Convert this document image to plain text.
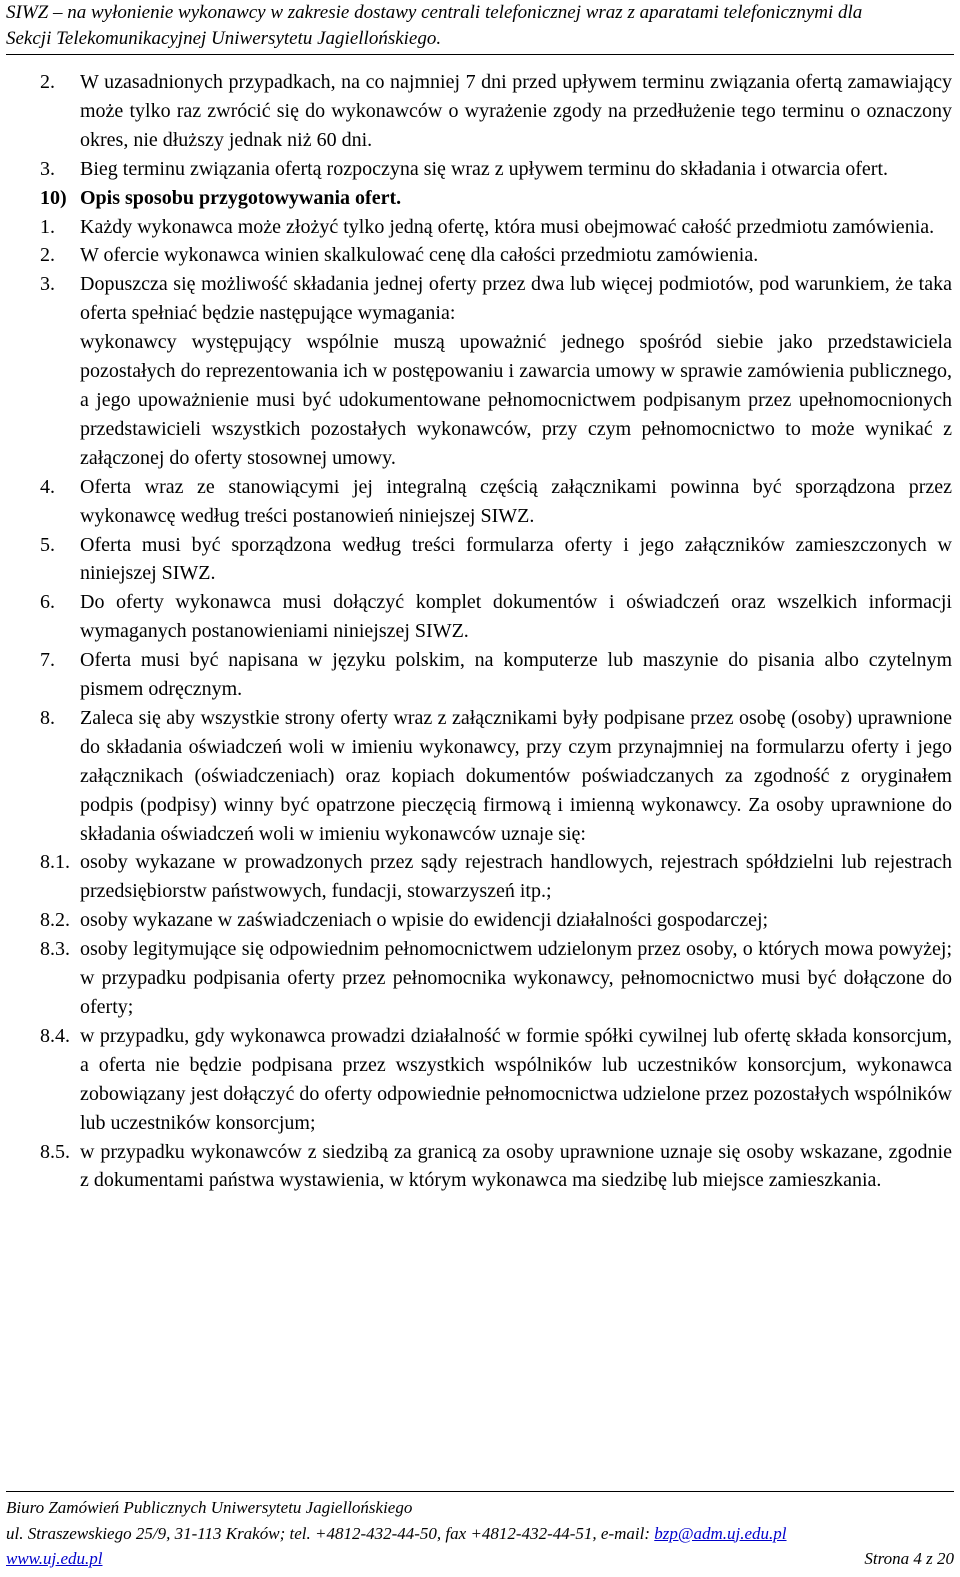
SIWZ – na wyłonienie wykonawcy w zakresie dostawy centrali telefonicznej wraz z aparatami telefonicznymi dla
Sekcji Telekomunikacyjnej Uniwersytetu Jagiellońskiego.
2.	W uzasadnionych przypadkach, na co najmniej 7 dni przed upływem terminu związania ofertą zamawiający może tylko raz zwrócić się do wykonawców o wyrażenie zgody na przedłużenie tego terminu o oznaczony okres, nie dłuższy jednak niż 60 dni.
3.	Bieg terminu związania ofertą rozpoczyna się wraz z upływem terminu do składania i otwarcia ofert.
10) Opis sposobu przygotowywania ofert.
1.	Każdy wykonawca może złożyć tylko jedną ofertę, która musi obejmować całość przedmiotu zamówienia.
2.	W ofercie wykonawca winien skalkulować cenę dla całości przedmiotu zamówienia.
3.	Dopuszcza się możliwość składania jednej oferty przez dwa lub więcej podmiotów, pod warunkiem, że taka oferta spełniać będzie następujące wymagania:
wykonawcy występujący wspólnie muszą upoważnić jednego spośród siebie jako przedstawiciela pozostałych do reprezentowania ich w postępowaniu i zawarcia umowy w sprawie zamówienia publicznego, a jego upoważnienie musi być udokumentowane pełnomocnictwem podpisanym przez upełnomocnionych przedstawicieli wszystkich pozostałych wykonawców, przy czym pełnomocnictwo to może wynikać z załączonej do oferty stosownej umowy.
4.	Oferta wraz ze stanowiącymi jej integralną częścią załącznikami powinna być sporządzona przez wykonawcę według treści postanowień niniejszej SIWZ.
5.	Oferta musi być sporządzona według treści formularza oferty i jego załączników zamieszczonych w niniejszej SIWZ.
6.	Do oferty wykonawca musi dołączyć komplet dokumentów i oświadczeń oraz wszelkich informacji wymaganych postanowieniami niniejszej SIWZ.
7.	Oferta musi być napisana w języku polskim, na komputerze lub maszynie do pisania albo czytelnym pismem odręcznym.
8.	Zaleca się aby wszystkie strony oferty wraz z załącznikami były podpisane przez osobę (osoby) uprawnione do składania oświadczeń woli w imieniu wykonawcy, przy czym przynajmniej na formularzu oferty i jego załącznikach (oświadczeniach) oraz kopiach dokumentów poświadczanych za zgodność z oryginałem podpis (podpisy) winny być opatrzone pieczęcią firmową i imienną wykonawcy. Za osoby uprawnione do składania oświadczeń woli w imieniu wykonawców uznaje się:
8.1. osoby wykazane w prowadzonych przez sądy rejestrach handlowych, rejestrach spółdzielni lub rejestrach przedsiębiorstw państwowych, fundacji, stowarzyszeń itp.;
8.2. osoby wykazane w zaświadczeniach o wpisie do ewidencji działalności gospodarczej;
8.3. osoby legitymujące się odpowiednim pełnomocnictwem udzielonym przez osoby, o których mowa powyżej; w przypadku podpisania oferty przez pełnomocnika wykonawcy, pełnomocnictwo musi być dołączone do oferty;
8.4. w przypadku, gdy wykonawca prowadzi działalność w formie spółki cywilnej lub ofertę składa konsorcjum, a oferta nie będzie podpisana przez wszystkich wspólników lub uczestników konsorcjum, wykonawca zobowiązany jest dołączyć do oferty odpowiednie pełnomocnictwa udzielone przez pozostałych wspólników lub uczestników konsorcjum;
8.5. w przypadku wykonawców z siedzibą za granicą za osoby uprawnione uznaje się osoby wskazane, zgodnie z dokumentami państwa wystawienia, w którym wykonawca ma siedzibę lub miejsce zamieszkania.
Biuro Zamówień Publicznych Uniwersytetu Jagiellońskiego
ul. Straszewskiego 25/9, 31-113 Kraków; tel. +4812-432-44-50, fax +4812-432-44-51, e-mail: bzp@adm.uj.edu.pl
www.uj.edu.pl	Strona 4 z 20
